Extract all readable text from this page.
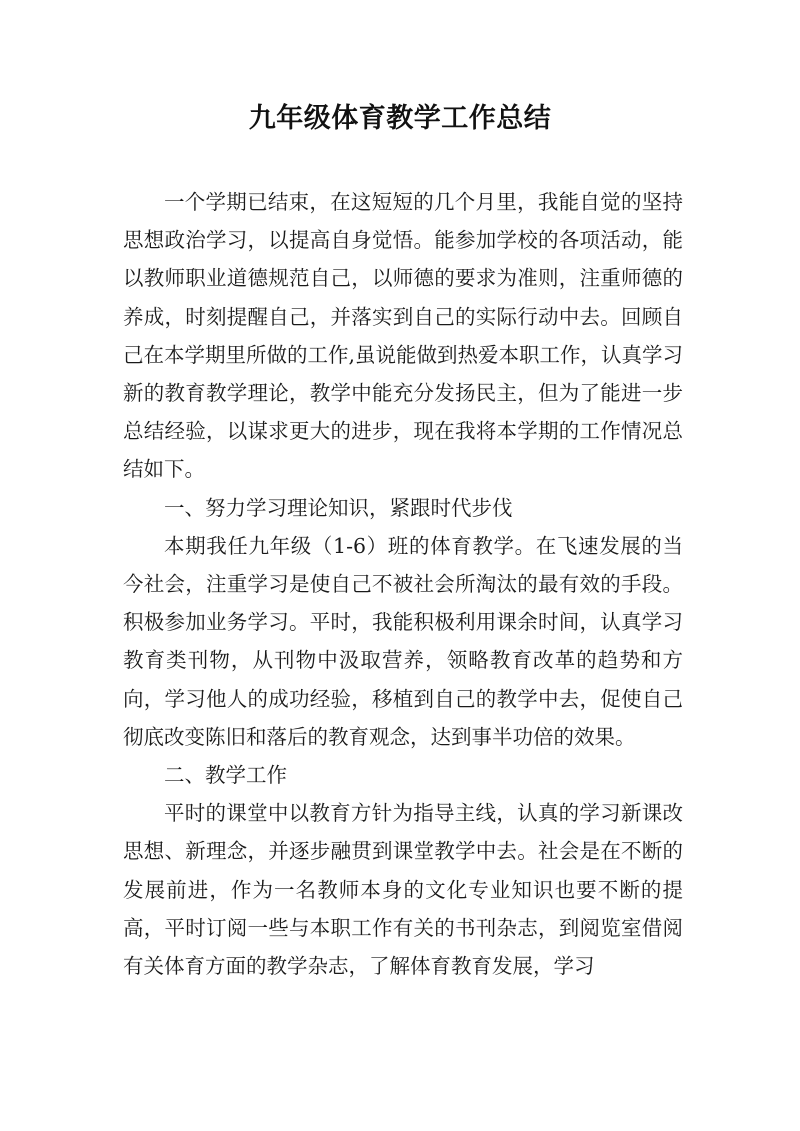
九年级体育教学工作总结

一个学期已结束，在这短短的几个月里，我能自觉的坚持思想政治学习，以提高自身觉悟。能参加学校的各项活动，能以教师职业道德规范自己，以师德的要求为准则，注重师德的养成，时刻提醒自己，并落实到自己的实际行动中去。回顾自己在本学期里所做的工作,虽说能做到热爱本职工作，认真学习新的教育教学理论，教学中能充分发扬民主，但为了能进一步总结经验，以谋求更大的进步，现在我将本学期的工作情况总结如下。

一、努力学习理论知识，紧跟时代步伐

本期我任九年级（1-6）班的体育教学。在飞速发展的当今社会，注重学习是使自己不被社会所淘汰的最有效的手段。积极参加业务学习。平时，我能积极利用课余时间，认真学习教育类刊物，从刊物中汲取营养，领略教育改革的趋势和方向，学习他人的成功经验，移植到自己的教学中去，促使自己彻底改变陈旧和落后的教育观念，达到事半功倍的效果。

二、教学工作

平时的课堂中以教育方针为指导主线，认真的学习新课改思想、新理念，并逐步融贯到课堂教学中去。社会是在不断的发展前进，作为一名教师本身的文化专业知识也要不断的提高，平时订阅一些与本职工作有关的书刊杂志，到阅览室借阅有关体育方面的教学杂志，了解体育教育发展，学习
